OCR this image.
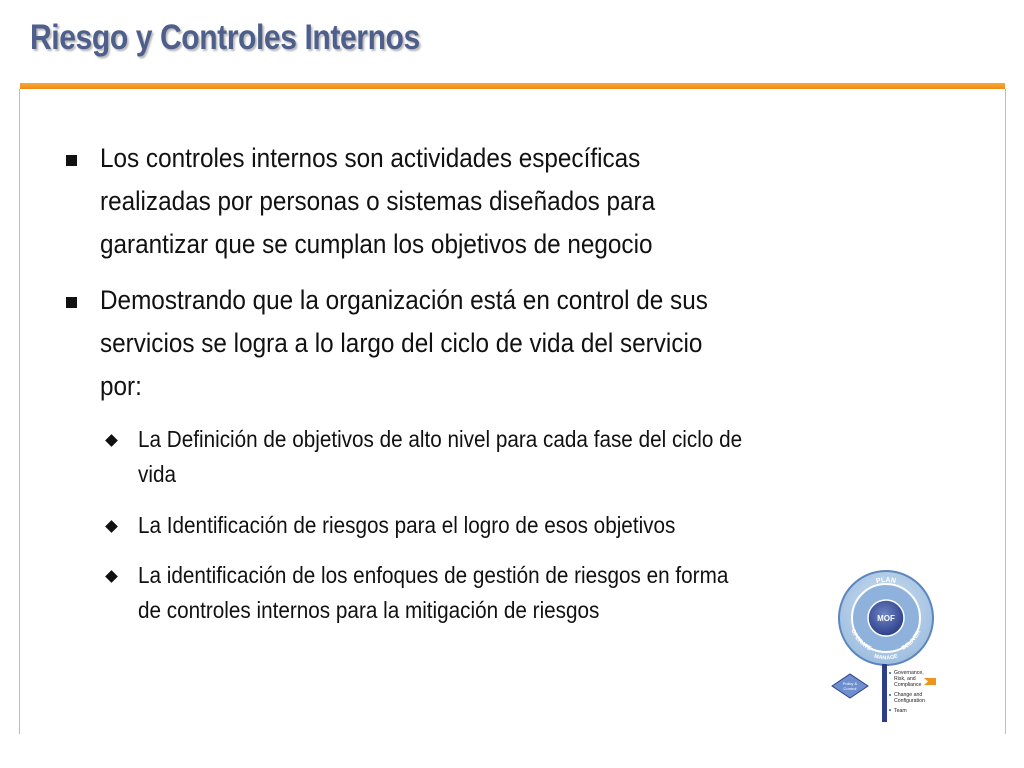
Riesgo y Controles Internos
Los controles internos son actividades específicas
realizadas por personas o sistemas diseñados para
garantizar que se cumplan los objetivos de negocio
Demostrando que la organización está en control de sus
servicios se logra a lo largo del ciclo de vida del servicio
por:
La Definición de objetivos de alto nivel para cada fase del ciclo de
vida
La Identificación de riesgos para el logro de esos objetivos
La identificación de los enfoques de gestión de riesgos en forma
de controles internos para la mitigación de riesgos
PLAN
DELIVER
OPERATE
MANAGE
MOF
Policy &
Control
Governance,
Risk, and
Compliance
Change and
Configuration
Team
